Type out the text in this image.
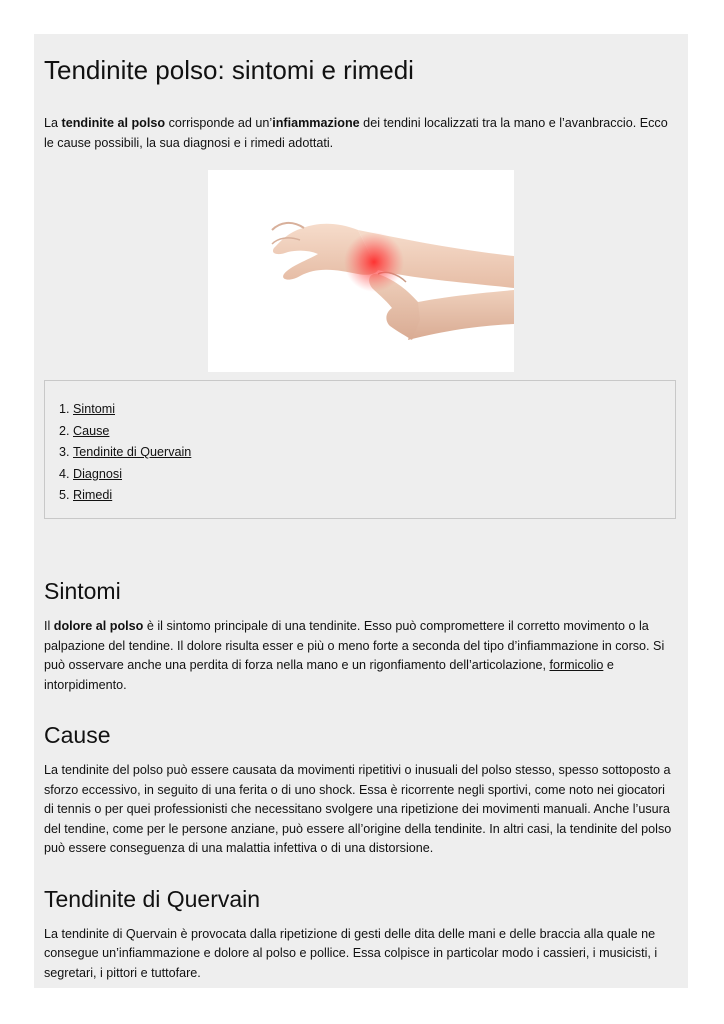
Tendinite polso: sintomi e rimedi

La tendinite al polso corrisponde ad un’infiammazione dei tendini localizzati tra la mano e l’avanbraccio. Ecco le cause possibili, la sua diagnosi e i rimedi adottati.

1. Sintomi
2. Cause
3. Tendinite di Quervain
4. Diagnosi
5. Rimedi
Sintomi

Il dolore al polso è il sintomo principale di una tendinite. Esso può compromettere il corretto movimento o la palpazione del tendine. Il dolore risulta esser e più o meno forte a seconda del tipo d’infiammazione in corso. Si può osservare anche una perdita di forza nella mano e un rigonfiamento dell’articolazione, formicolio e intorpidimento.

Cause

La tendinite del polso può essere causata da movimenti ripetitivi o inusuali del polso stesso, spesso sottoposto a sforzo eccessivo, in seguito di una ferita o di uno shock. Essa è ricorrente negli sportivi, come noto nei giocatori di tennis o per quei professionisti che necessitano svolgere una ripetizione dei movimenti manuali. Anche l’usura del tendine, come per le persone anziane, può essere all’origine della tendinite. In altri casi, la tendinite del polso può essere conseguenza di una malattia infettiva o di una distorsione.

Tendinite di Quervain

La tendinite di Quervain è provocata dalla ripetizione di gesti delle dita delle mani e delle braccia alla quale ne consegue un’infiammazione e dolore al polso e pollice. Essa colpisce in particolar modo i cassieri, i musicisti, i segretari, i pittori e tuttofare.
